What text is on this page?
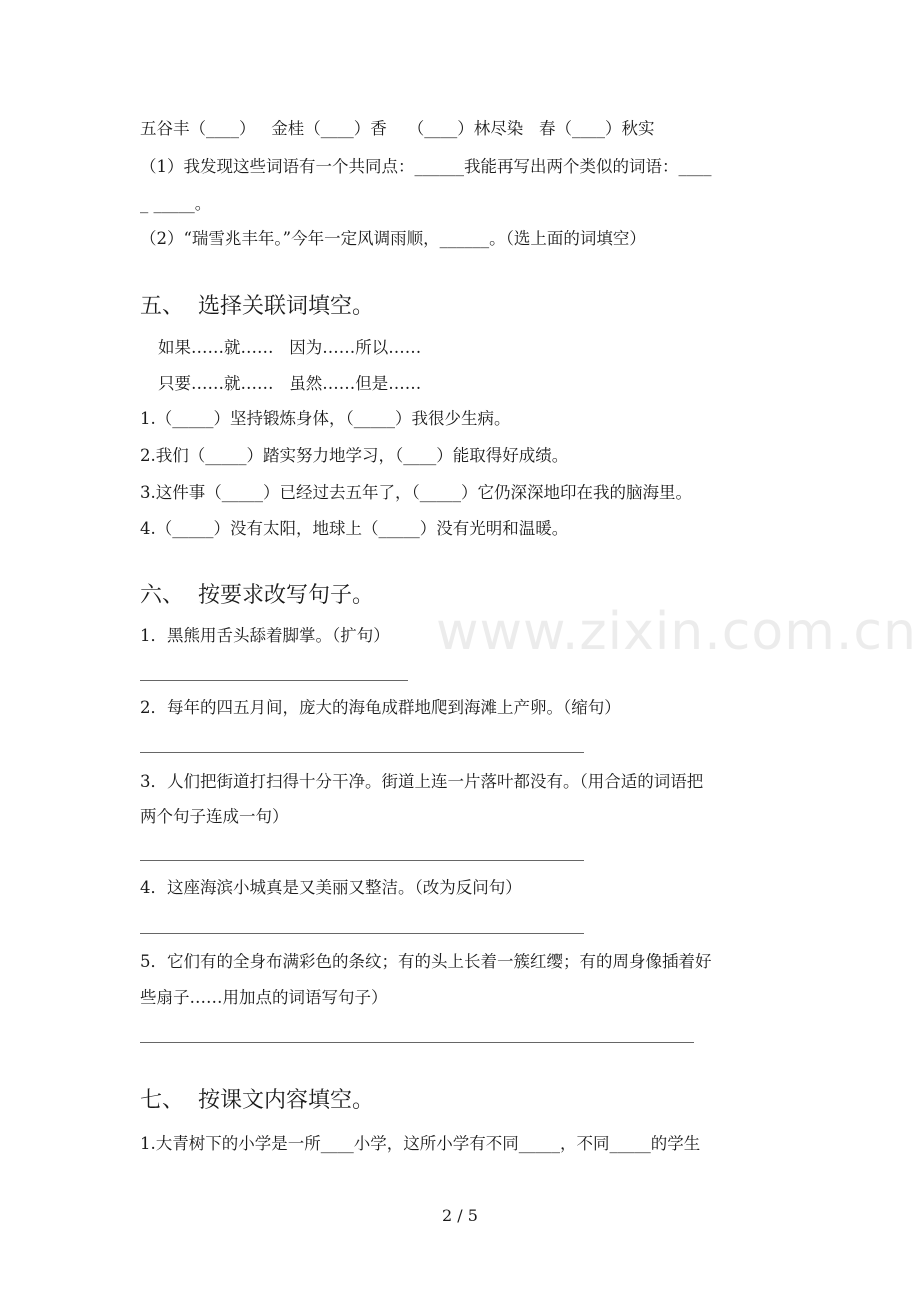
www.zixin.com.cn
五谷丰（____）   金桂（____）香    （____）林尽染   春（____）秋实
（1）我发现这些词语有一个共同点：______我能再写出两个类似的词语：____
_ _____。
（2）“瑞雪兆丰年。”今年一定风调雨顺，______。（选上面的词填空）
五、  选择关联词填空。
如果……就……   因为……所以……
只要……就……   虽然……但是……
1.（_____）坚持锻炼身体，（_____）我很少生病。
2.我们（_____）踏实努力地学习，（____）能取得好成绩。
3.这件事（_____）已经过去五年了，（_____）它仍深深地印在我的脑海里。
4.（_____）没有太阳，地球上（_____）没有光明和温暖。
六、  按要求改写句子。
1．黑熊用舌头舔着脚掌。（扩句）
2．每年的四五月间，庞大的海龟成群地爬到海滩上产卵。（缩句）
3．人们把街道打扫得十分干净。街道上连一片落叶都没有。（用合适的词语把
两个句子连成一句）
4．这座海滨小城真是又美丽又整洁。（改为反问句）
5．它们有的全身布满彩色的条纹；有的头上长着一簇红缨；有的周身像插着好
些扇子……用加点的词语写句子）
七、  按课文内容填空。
1.大青树下的小学是一所____小学，这所小学有不同_____，不同_____的学生
2 / 5
